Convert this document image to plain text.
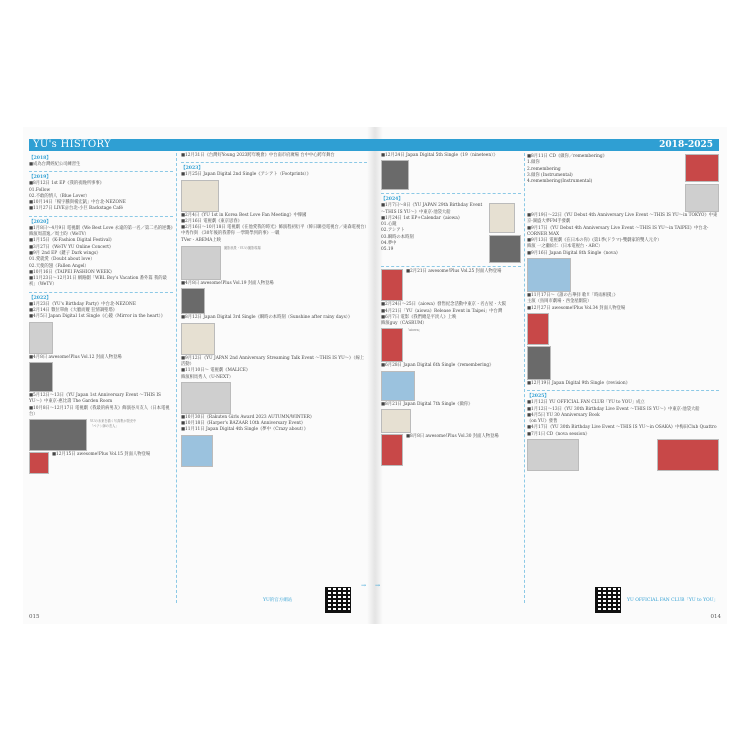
YU's HISTORY
【2018】
■成為台灣經紀公司練習生
【2019】
■8月12日 1st EP《我的夜晚所事事》
01.Follow
02.不敢的情人（Blue Lover）
■10月14日「楊字騰與楊宏凱」中台北-NEZONE
■11月27日 LIVE＠台北-小巨 Backstage Café
【2020】
■1月8日〜4月9日 電視劇《We Best Love 永遠的第一名／第二名的逆襲》飾演周書逸／周士昀（WeTV）
■1月15日《K-Fashion Digital Festival》
■3月27日《WeTV YU Online Concert》
■9月 2nd EP《鍵子 Dark wings》
01.愛就愛（Doubt about love）
02.天使的翅（Fallen Angel）
■10月16日《TAIPEI FASHION WEEK》
■11月23日〜12月31日 網路劇「WBL Boy's Vacation 番外篇 我的最初」（WeTV）
【2022】
■1月23日《YU's Birthday Party》中台北-NEZONE
■2月14日 數位單曲《大膽而縱 狂情調聖塔》
■4月5日 Japan Digital 1st Single《心鏡（Mirror in the heart）》
■4月8日 awesome!Plus Vol.12 封面人物登場
■5月12日〜13日《YU Japan 1st Anniversary Event 〜THIS IS YU〜》中東京-惠比壽 The Garden Room
■10月8日〜12月17日 電視劇《我最的病男友》飾演谷川友人（日本電視台）
YUの未来を描く写真集が発売中
「ペテン師の恋人」
■12月15日 awesome!Plus Vol.15 封面人物登場
■12月31日《台灣好Young 2023跨年晚會》中台南市府廣場 台中中心跨年舞台
【2023】
■1月25日 Japan Digital 2nd Single《アシアト（Footprints）》
■2月4日《YU 1st in Korea Best Love Fan Meeting》中韓國
■2月16日 電視劇《東京思春》
■2月16日〜10月18日 電視劇《在他愛我的時光》飾演程初衍平（韓日聯亞電視台／東森電視台）
中秀作與 《30年後的我帶你 一學期學到的事》一職
TVer・ABEMA上映
撮影風景・YUの撮影現場
■4月8日 awesome!Plus Vol.19 封面人物登場
■8月12日 Japan Digital 3rd Single《瞬時の本時刻（Sunshine after rainy days）》
■9月12日《YU JAPAN 2nd Anniversary Streaming Talk Event 〜THIS IS YU〜》（線上活動）
■11月10日〜 電視劇《MALICE》
飾演相馬秀人（U-NEXT）
■10月30日《Rakuten Girls Award 2023 AUTUMN/WINTER》
■10月18日《Harper's BAZAAR 10th Anniversary Event》
■11月11日 Japan Digital 4th Single《夢中（Crazy about）》
→
015
YU的官方網站
2018-2025
■12月24日 Japan Digital 5th Single《19（nineteen）》
【2024】
■1月7日〜8日《YU JAPAN 29th Birthday Event 〜THIS IS YU〜》中東京-池袋大船
■1月24日 1st EP+Calendar《aiowa》
01.心鏡
02.アシアト
03.瞬時の本時刻
04.夢中
05.19
■2月21日 awesome!Plus Vol.25 封面人物登場
■2月24日〜25日《aiowa》發售紀念活動中東京・名古屋・大阪
■4月21日「YU《aiowa》Release Event in Taipei」中台灣
■6月7日 電影《我們總是平淡人》上映
飾演guy（CASRUM）
「aiowa」
■6月28日 Japan Digital 6th Single《remembering》
■8月21日 Japan Digital 7th Single《做你》
■8月8日 awesome!Plus Vol.30 封面人物登場
■8月11日 CD《做你／remembering》
1.做你
2.remembering
3.做你 (Instrumental)
4.remembering(Instrumental)
■9月19日〜22日《YU Debut 4th Anniversary Live Event 〜THIS IS YU〜in TOKYO》中東京-湖盛大夢FM手發劇
■9月17日《YU Debut 4th Anniversary Live Event 〜THIS IS YU〜in TAIPEI》中台北-CORNER MAX
■9月13日 電視劇《在日本の你》(第1季(ドラマ)-雙劇家的雙人元介）
飾演 一之瀬絵仁（日本電視台・ABC）
■9月16日 Japan Digital 8th Single《nova》
■11月17日〜《誰の古華拝 歌!!「時雨相撲」》
主演（鳥岡市劇場・西金屋劇院）
■12月27日 awesome!Plus Vol.34 封面人物登場
■12月19日 Japan Digital 9th Single《revision》
【2025】
■1月12日 YU OFFICIAL FAN CLUB「YU to YOU」成立
■1月12日〜13日《YU 30th Birthday Live Event 〜THIS IS YU〜》中東京-池袋大船
■4月5日 YU 30 Anniversary Book
《on YU》發售
■4月17日《YU 30th Birthday Live Event 〜THIS IS YU〜in OSAKA》中梅田Club Quattro
■7月1日 CD《nova session》
→
YU OFFICIAL FAN CLUB「YU to YOU」
014
